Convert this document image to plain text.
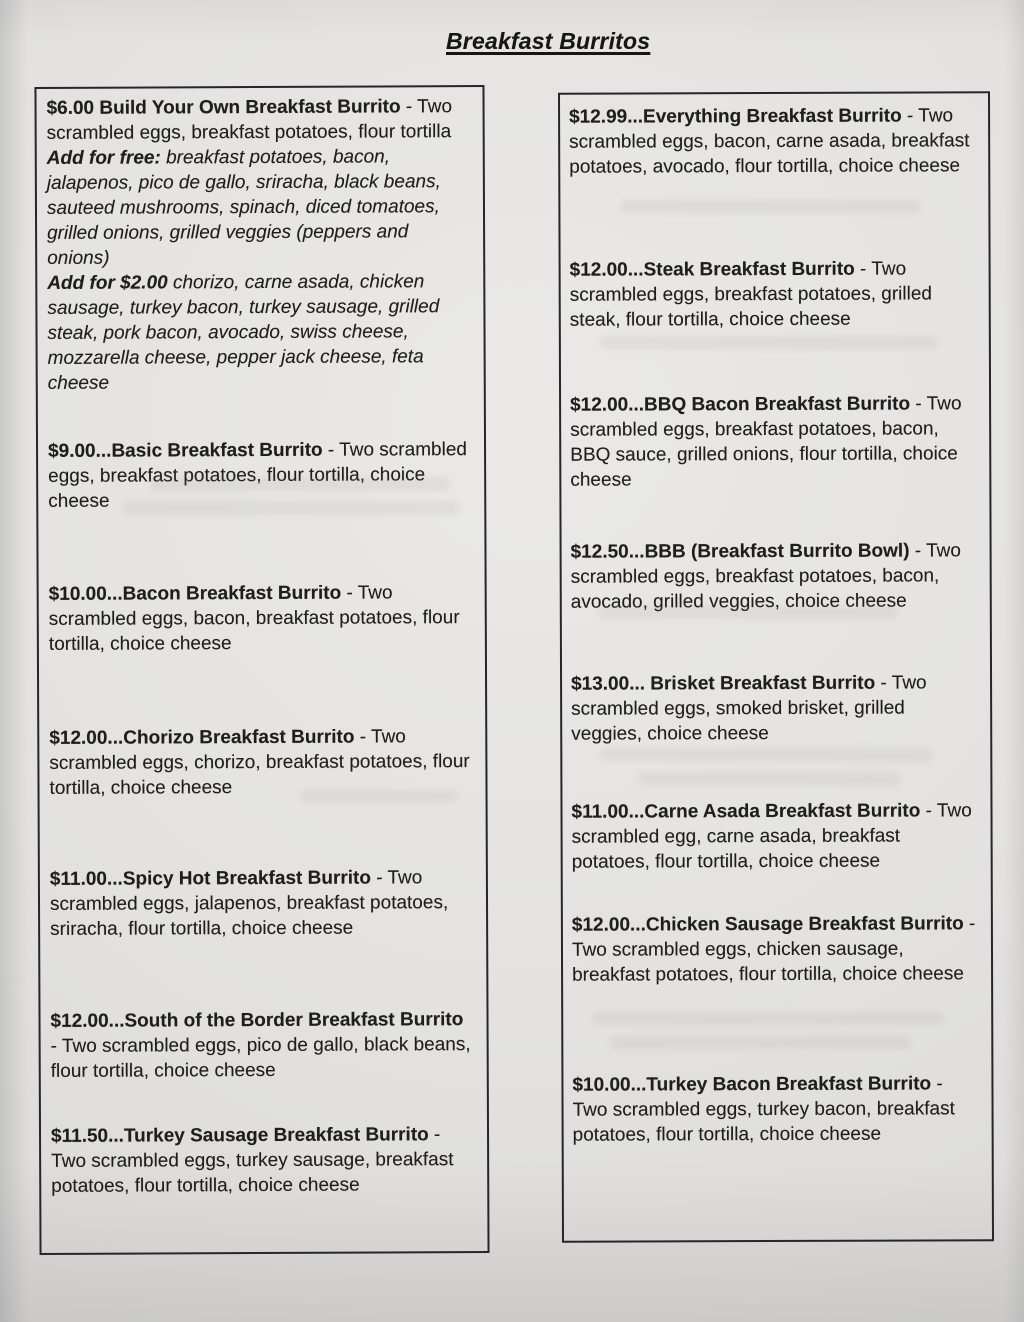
Breakfast Burritos

$6.00 Build Your Own Breakfast Burrito - Two scrambled eggs, breakfast potatoes, flour tortilla

Add for free: breakfast potatoes, bacon, jalapenos, pico de gallo, sriracha, black beans, sauteed mushrooms, spinach, diced tomatoes, grilled onions, grilled veggies (peppers and onions)

Add for $2.00 chorizo, carne asada, chicken sausage, turkey bacon, turkey sausage, grilled steak, pork bacon, avocado, swiss cheese, mozzarella cheese, pepper jack cheese, feta cheese

$9.00...Basic Breakfast Burrito - Two scrambled eggs, breakfast potatoes, flour tortilla, choice cheese

$10.00...Bacon Breakfast Burrito - Two scrambled eggs, bacon, breakfast potatoes, flour tortilla, choice cheese

$12.00...Chorizo Breakfast Burrito - Two scrambled eggs, chorizo, breakfast potatoes, flour tortilla, choice cheese

$11.00...Spicy Hot Breakfast Burrito - Two scrambled eggs, jalapenos, breakfast potatoes, sriracha, flour tortilla, choice cheese

$12.00...South of the Border Breakfast Burrito - Two scrambled eggs, pico de gallo, black beans, flour tortilla, choice cheese

$11.50...Turkey Sausage Breakfast Burrito - Two scrambled eggs, turkey sausage, breakfast potatoes, flour tortilla, choice cheese

$12.99...Everything Breakfast Burrito - Two scrambled eggs, bacon, carne asada, breakfast potatoes, avocado, flour tortilla, choice cheese

$12.00...Steak Breakfast Burrito - Two scrambled eggs, breakfast potatoes, grilled steak, flour tortilla, choice cheese

$12.00...BBQ Bacon Breakfast Burrito - Two scrambled eggs, breakfast potatoes, bacon, BBQ sauce, grilled onions, flour tortilla, choice cheese

$12.50...BBB (Breakfast Burrito Bowl) - Two scrambled eggs, breakfast potatoes, bacon, avocado, grilled veggies, choice cheese

$13.00... Brisket Breakfast Burrito - Two scrambled eggs, smoked brisket, grilled veggies, choice cheese

$11.00...Carne Asada Breakfast Burrito - Two scrambled egg, carne asada, breakfast potatoes, flour tortilla, choice cheese

$12.00...Chicken Sausage Breakfast Burrito - Two scrambled eggs, chicken sausage, breakfast potatoes, flour tortilla, choice cheese

$10.00...Turkey Bacon Breakfast Burrito - Two scrambled eggs, turkey bacon, breakfast potatoes, flour tortilla, choice cheese
